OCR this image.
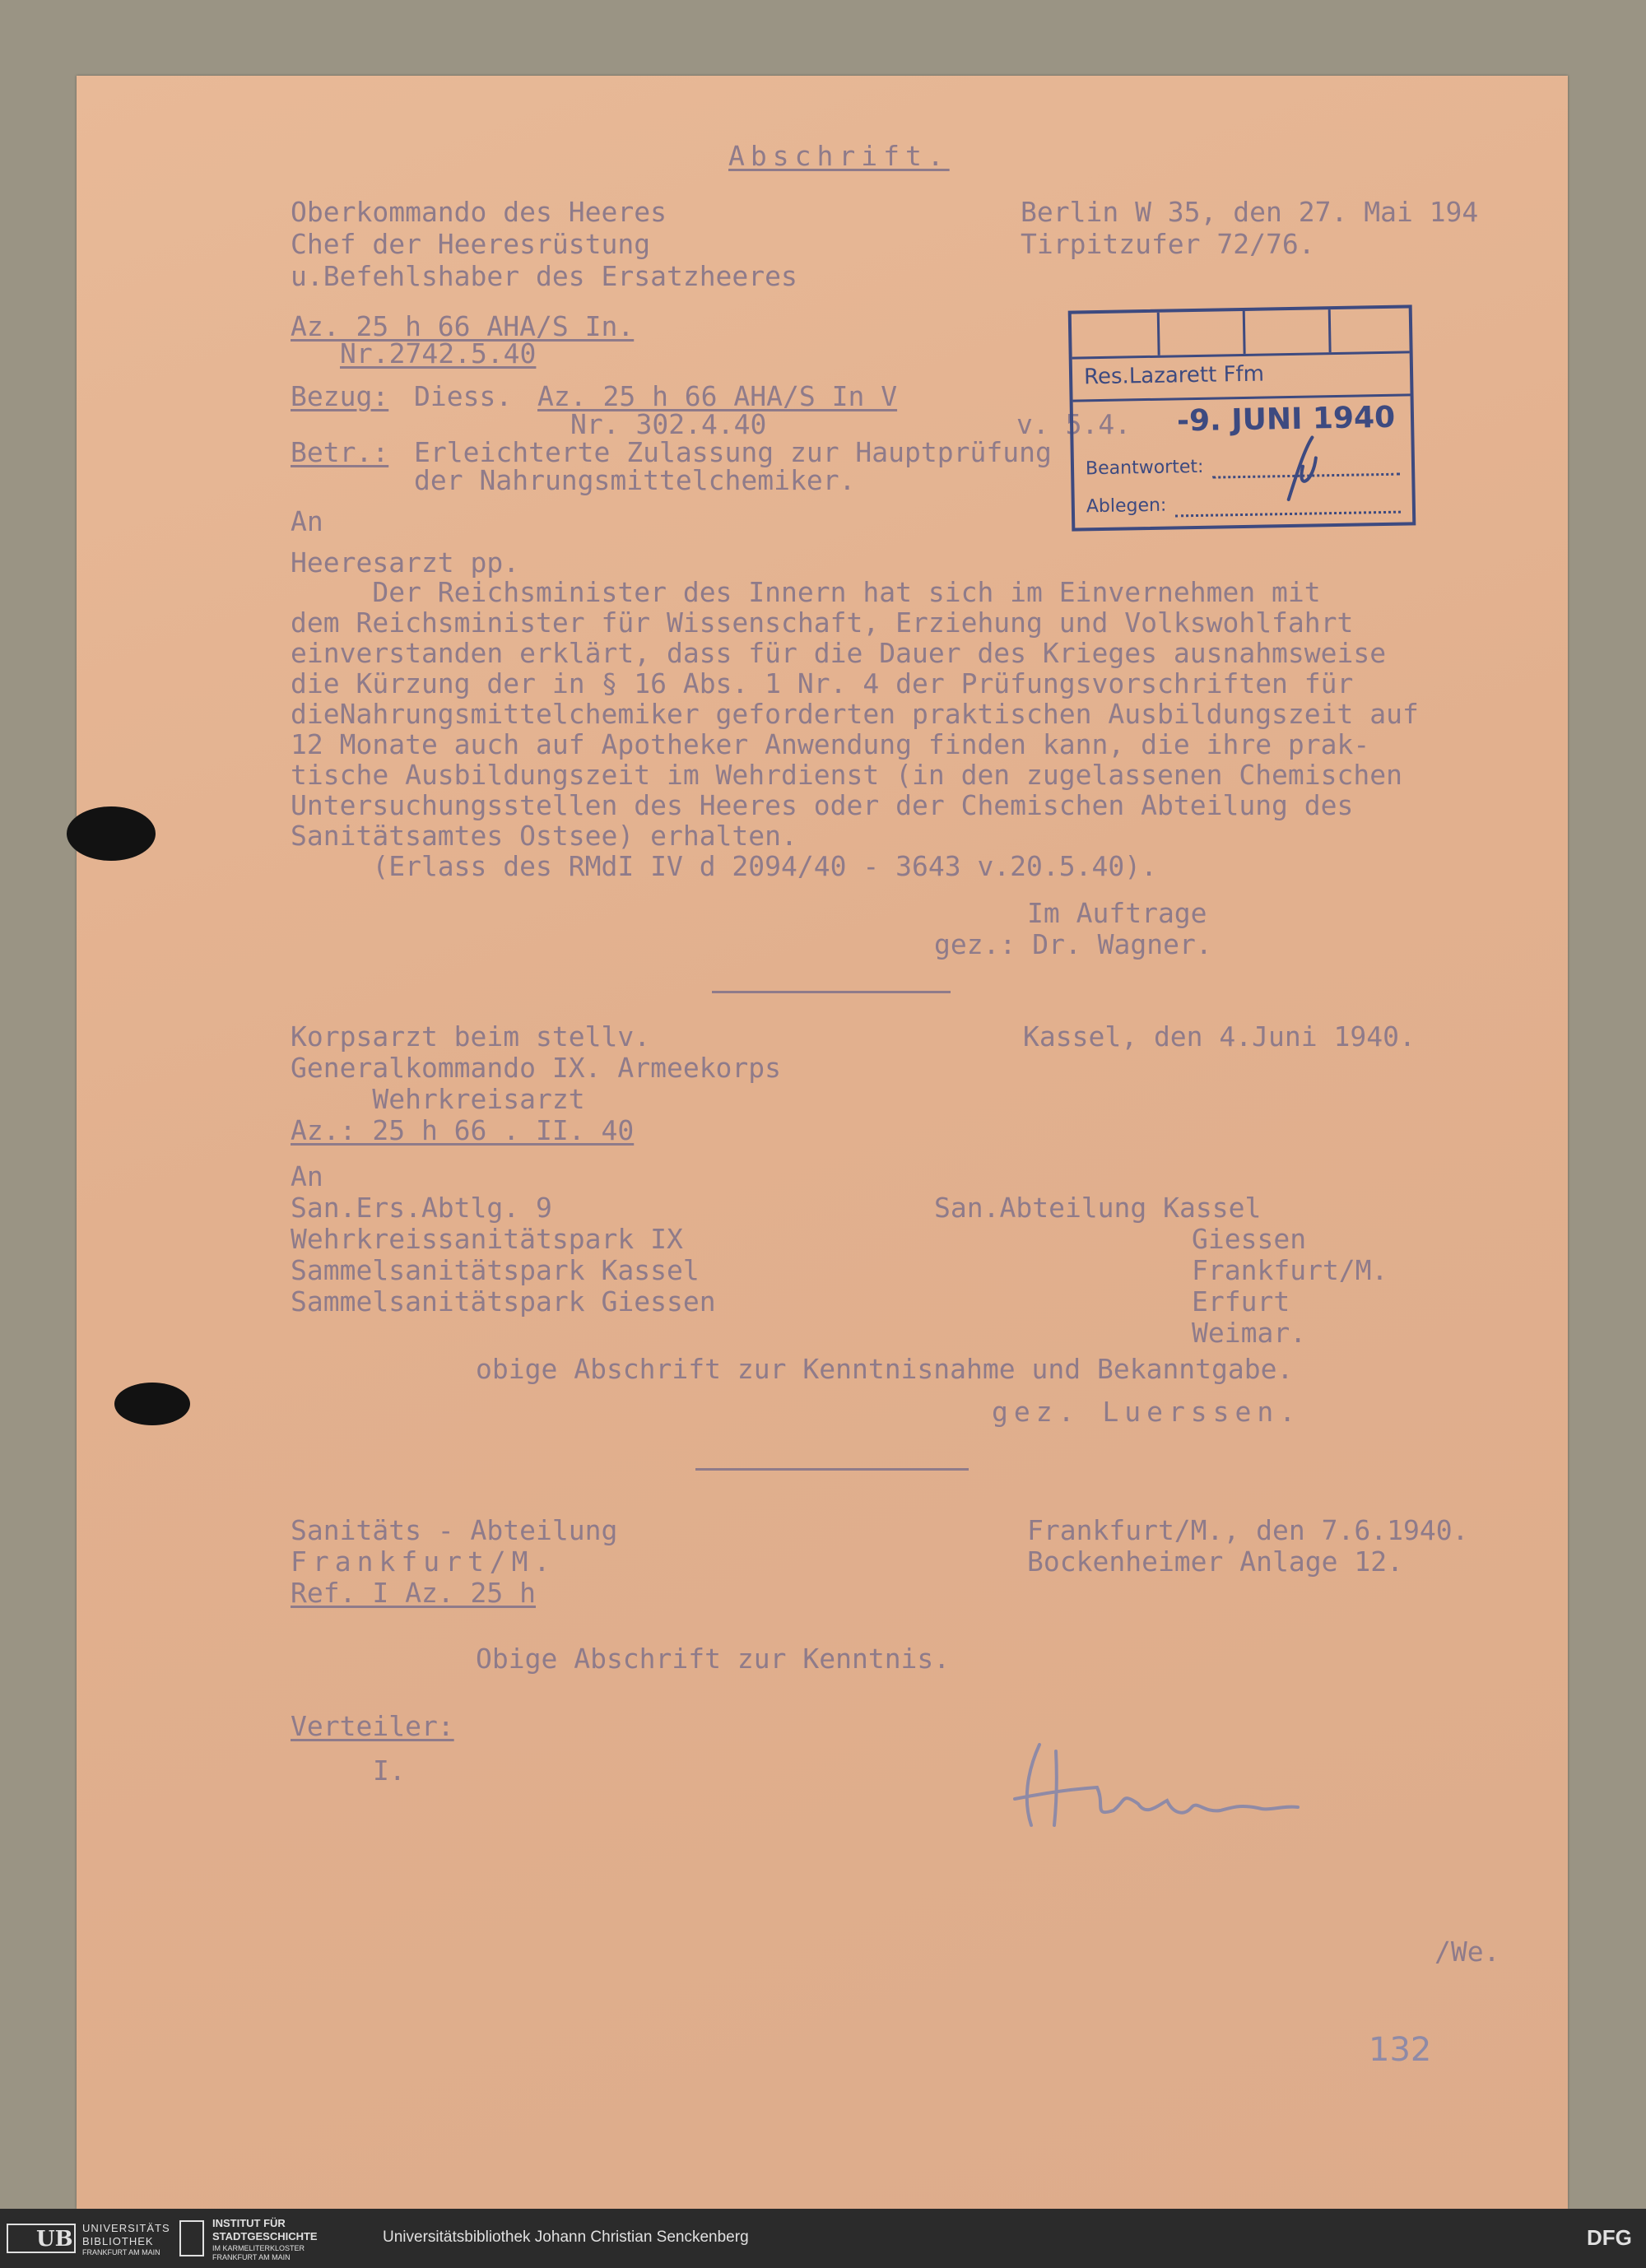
Abschrift.

Oberkommando des Heeres

Chef der Heeresrüstung

u.Befehlshaber des Ersatzheeres

Berlin W 35, den 27. Mai 194

Tirpitzufer 72/76.

Az. 25 h 66 AHA/S In.

Nr.2742.5.40

Bezug: Diess. Az. 25 h 66 AHA/S In V

Nr. 302.4.40	v. 5.4.

Betr.: Erleichterte Zulassung zur Hauptprüfung

der Nahrungsmittelchemiker.

An

Heeresarzt pp.

Der Reichsminister des Innern hat sich im Einvernehmen mit

dem Reichsminister für Wissenschaft, Erziehung und Volkswohlfahrt

einverstanden erklärt, dass für die Dauer des Krieges ausnahmsweise

die Kürzung der in § 16 Abs. 1 Nr. 4 der Prüfungsvorschriften für

dieNahrungsmittelchemiker geforderten praktischen Ausbildungszeit auf

12 Monate auch auf Apotheker Anwendung finden kann, die ihre prak-

tische Ausbildungszeit im Wehrdienst (in den zugelassenen Chemischen

Untersuchungsstellen des Heeres oder der Chemischen Abteilung des

Sanitätsamtes Ostsee) erhalten.

(Erlass des RMdI IV d 2094/40 - 3643 v.20.5.40).

Im Auftrage

gez.: Dr. Wagner.

Korpsarzt beim stellv.

Generalkommando IX. Armeekorps

Wehrkreisarzt

Az.: 25 h 66 . II. 40

Kassel, den 4.Juni 1940.

An

San.Ers.Abtlg. 9

Wehrkreissanitätspark IX

Sammelsanitätspark Kassel

Sammelsanitätspark Giessen

San.Abteilung Kassel

Giessen

Frankfurt/M.

Erfurt

Weimar.

obige Abschrift zur Kenntnisnahme und Bekanntgabe.

gez. Luerssen.

Sanitäts - Abteilung

Frankfurt/M.

Ref. I Az. 25 h

Frankfurt/M., den 7.6.1940.

Bockenheimer Anlage 12.

Obige Abschrift zur Kenntnis.

Verteiler:

I.

/We.

132

Res.Lazarett Ffm
-9. JUNI 1940
Beantwortet:
Ablegen:
UB UNIVERSITÄTS
BIBLIOTHEK
FRANKFURT AM MAIN
INSTITUT FÜR
STADTGESCHICHTE
IM KARMELITERKLOSTER
FRANKFURT AM MAIN
Universitätsbibliothek Johann Christian Senckenberg	DFG
